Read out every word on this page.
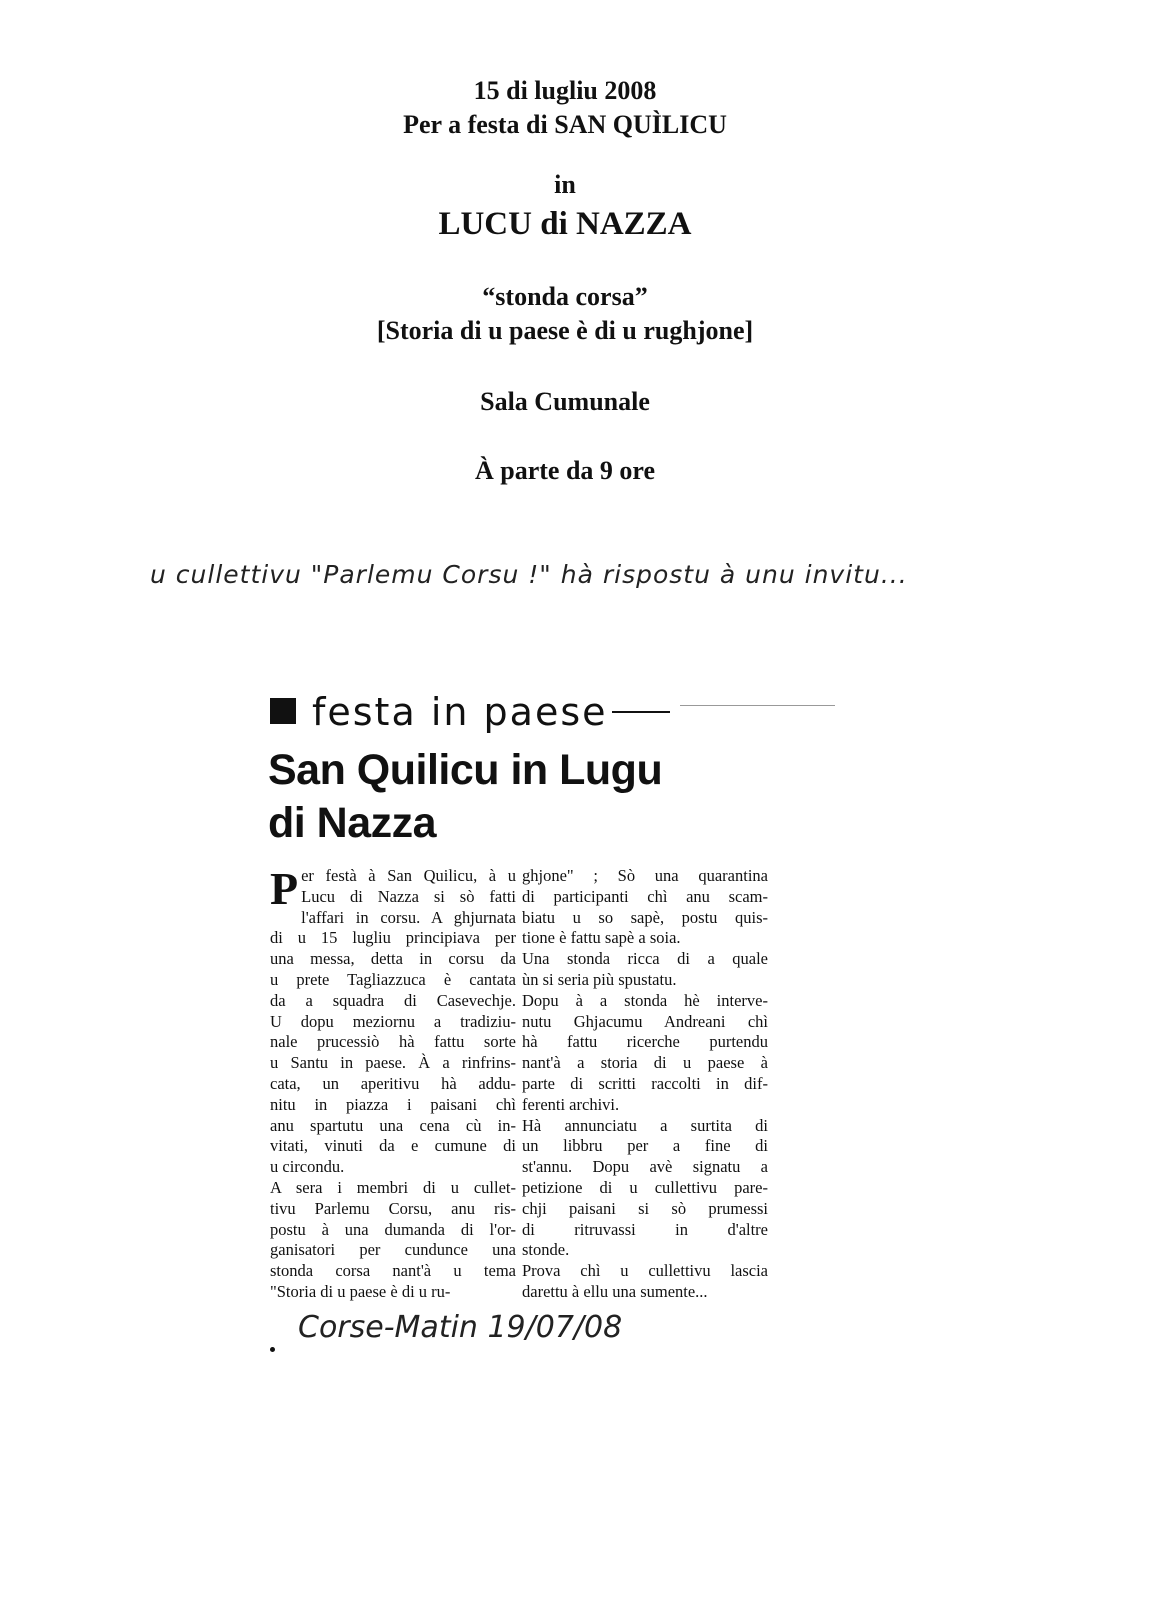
15 di lugliu 2008
Per a festa di SAN QUÌLICU
in
LUCU di NAZZA
“stonda corsa”
[Storia di u paese è di u rughjone]
Sala Cumunale
À parte da 9 ore
u cullettivu "Parlemu Corsu !" hà rispostu à unu invitu...
festa in paese
San Quilicu in Lugu
di Nazza
P er festà à San Quilicu, à u
Lucu di Nazza si sò fatti
l'affari in corsu. A ghjurnata
di u 15 lugliu principiava per
una messa, detta in corsu da
u prete Tagliazzuca è cantata
da a squadra di Casevechje.
U dopu meziornu a tradiziu-
nale prucessiò hà fattu sorte
u Santu in paese. À a rinfrins-
cata, un aperitivu hà addu-
nitu in piazza i paisani chì
anu spartutu una cena cù in-
vitati, vinuti da e cumune di
u circondu.
A sera i membri di u cullet-
tivu Parlemu Corsu, anu ris-
postu à una dumanda di l'or-
ganisatori per cundunce una
stonda corsa nant'à u tema
"Storia di u paese è di u ru-
ghjone" ; Sò una quarantina
di participanti chì anu scam-
biatu u so sapè, postu quis-
tione è fattu sapè a soia.
Una stonda ricca di a quale
ùn si seria più spustatu.
Dopu à a stonda hè interve-
nutu Ghjacumu Andreani chì
hà fattu ricerche purtendu
nant'à a storia di u paese à
parte di scritti raccolti in dif-
ferenti archivi.
Hà annunciatu a surtita di
un libbru per a fine di
st'annu. Dopu avè signatu a
petizione di u cullettivu pare-
chji paisani si sò prumessi
di ritruvassi in d'altre
stonde.
Prova chì u cullettivu lascia
darettu à ellu una sumente...
Corse-Matin 19/07/08
